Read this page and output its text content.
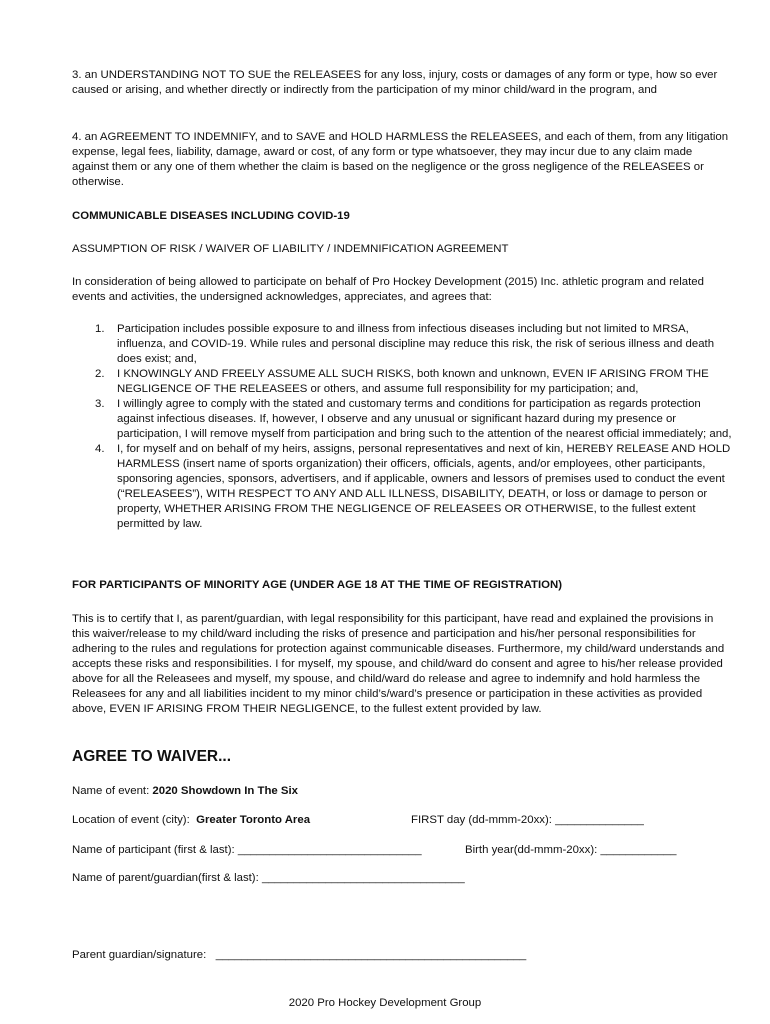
3. an UNDERSTANDING NOT TO SUE the RELEASEES for any loss, injury, costs or damages of any form or type, how so ever caused or arising, and whether directly or indirectly from the participation of my minor child/ward in the program, and

4. an AGREEMENT TO INDEMNIFY, and to SAVE and HOLD HARMLESS the RELEASEES, and each of them, from any litigation expense, legal fees, liability, damage, award or cost, of any form or type whatsoever, they may incur due to any claim made against them or any one of them whether the claim is based on the negligence or the gross negligence of the RELEASEES or otherwise.

COMMUNICABLE DISEASES INCLUDING COVID-19

ASSUMPTION OF RISK / WAIVER OF LIABILITY / INDEMNIFICATION AGREEMENT

In consideration of being allowed to participate on behalf of Pro Hockey Development (2015) Inc. athletic program and related events and activities, the undersigned acknowledges, appreciates, and agrees that:

1. Participation includes possible exposure to and illness from infectious diseases including but not limited to MRSA, influenza, and COVID-19. While rules and personal discipline may reduce this risk, the risk of serious illness and death does exist; and,
2. I KNOWINGLY AND FREELY ASSUME ALL SUCH RISKS, both known and unknown, EVEN IF ARISING FROM THE NEGLIGENCE OF THE RELEASEES or others, and assume full responsibility for my participation; and,
3. I willingly agree to comply with the stated and customary terms and conditions for participation as regards protection against infectious diseases. If, however, I observe and any unusual or significant hazard during my presence or participation, I will remove myself from participation and bring such to the attention of the nearest official immediately; and,
4. I, for myself and on behalf of my heirs, assigns, personal representatives and next of kin, HEREBY RELEASE AND HOLD HARMLESS (insert name of sports organization) their officers, officials, agents, and/or employees, other participants, sponsoring agencies, sponsors, advertisers, and if applicable, owners and lessors of premises used to conduct the event (“RELEASEES”), WITH RESPECT TO ANY AND ALL ILLNESS, DISABILITY, DEATH, or loss or damage to person or property, WHETHER ARISING FROM THE NEGLIGENCE OF RELEASEES OR OTHERWISE, to the fullest extent permitted by law.

FOR PARTICIPANTS OF MINORITY AGE (UNDER AGE 18 AT THE TIME OF REGISTRATION)

This is to certify that I, as parent/guardian, with legal responsibility for this participant, have read and explained the provisions in this waiver/release to my child/ward including the risks of presence and participation and his/her personal responsibilities for adhering to the rules and regulations for protection against communicable diseases. Furthermore, my child/ward understands and accepts these risks and responsibilities. I for myself, my spouse, and child/ward do consent and agree to his/her release provided above for all the Releasees and myself, my spouse, and child/ward do release and agree to indemnify and hold harmless the Releasees for any and all liabilities incident to my minor child’s/ward’s presence or participation in these activities as provided above, EVEN IF ARISING FROM THEIR NEGLIGENCE, to the fullest extent provided by law.

AGREE TO WAIVER...
Name of event: 2020 Showdown In The Six
Location of event (city): Greater Toronto Area	FIRST day (dd-mmm-20xx): ______________
Name of participant (first & last): _____________________________	Birth year(dd-mmm-20xx): ____________
Name of parent/guardian(first & last): ________________________________
Parent guardian/signature: _________________________________________________
2020 Pro Hockey Development Group
